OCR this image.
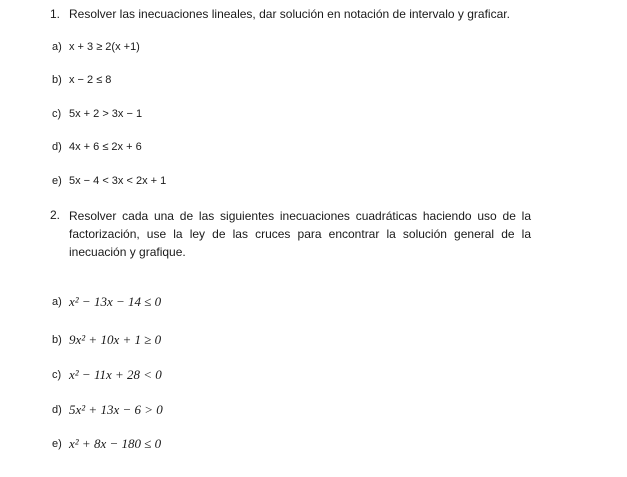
1. Resolver las inecuaciones lineales, dar solución en notación de intervalo y graficar.
a) x + 3 ≥ 2(x +1)
b) x − 2 ≤ 8
c) 5x + 2 > 3x − 1
d) 4x + 6 ≤ 2x + 6
e) 5x − 4 < 3x < 2x + 1
2. Resolver cada una de las siguientes inecuaciones cuadráticas haciendo uso de la factorización, use la ley de las cruces para encontrar la solución general de la inecuación y grafique.
a) x² − 13x − 14 ≤ 0
b) 9x² + 10x + 1 ≥ 0
c) x² − 11x + 28 < 0
d) 5x² + 13x − 6 > 0
e) x² + 8x − 180 ≤ 0
